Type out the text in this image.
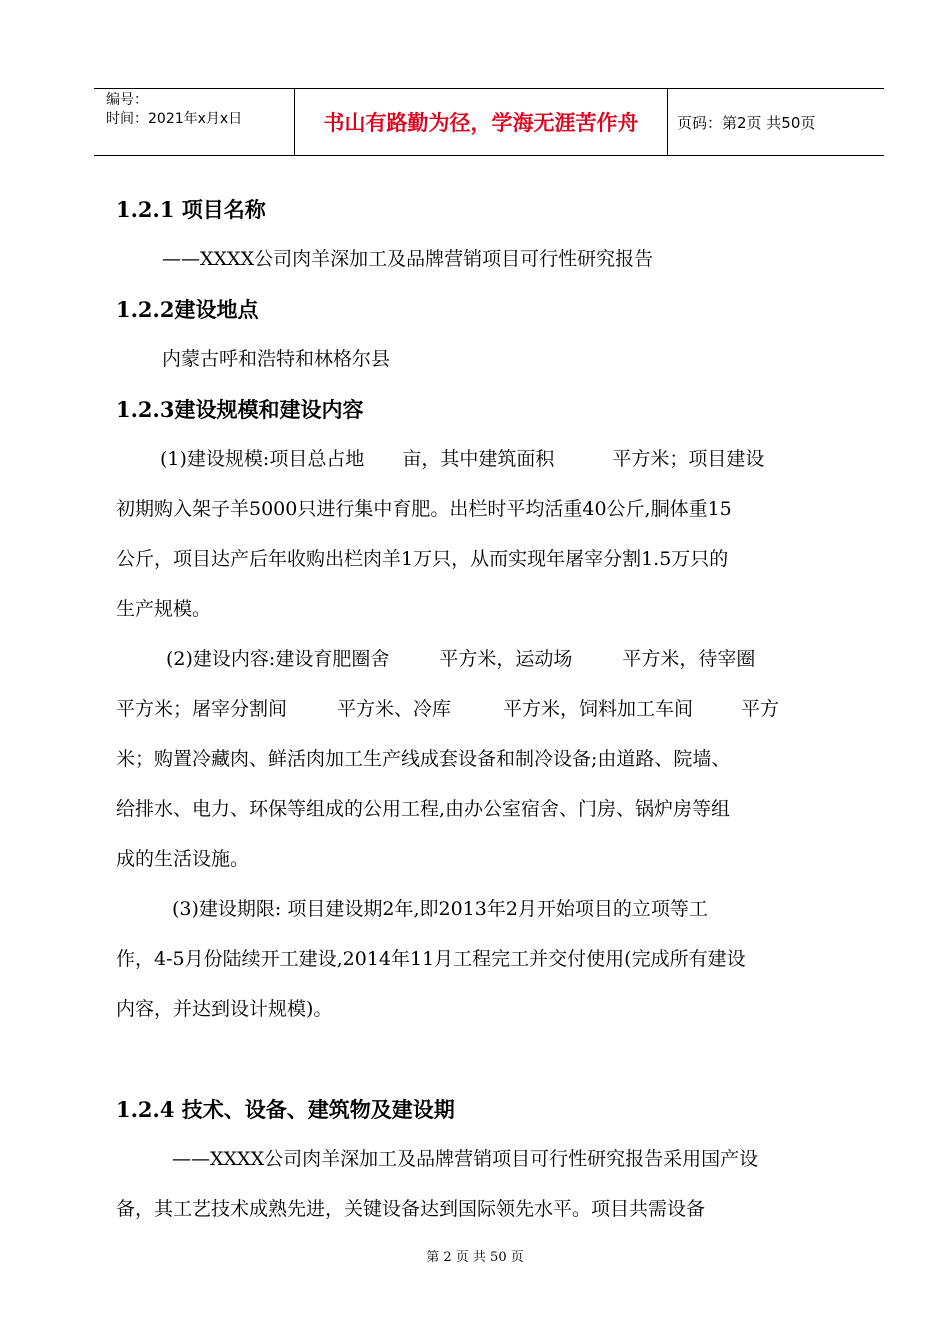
编号：
时间：2021年x月x日	书山有路勤为径，学海无涯苦作舟	页码：第2页 共50页
1.2.1 项目名称
——XXXX公司肉羊深加工及品牌营销项目可行性研究报告
1.2.2建设地点
内蒙古呼和浩特和林格尔县
1.2.3建设规模和建设内容
(1)建设规模:项目总占地 亩，其中建筑面积	平方米；项目建设
初期购入架子羊5000只进行集中育肥。出栏时平均活重40公斤,胴体重15
公斤，项目达产后年收购出栏肉羊1万只，从而实现年屠宰分割1.5万只的
生产规模。
(2)建设内容:建设育肥圈舍	平方米，运动场	平方米，待宰圈
平方米；屠宰分割间	平方米、冷库	平方米，饲料加工车间	平方
米；购置冷藏肉、鲜活肉加工生产线成套设备和制冷设备;由道路、院墙、
给排水、电力、环保等组成的公用工程,由办公室宿舍、门房、锅炉房等组
成的生活设施。
(3)建设期限: 项目建设期2年,即2013年2月开始项目的立项等工
作，4-5月份陆续开工建设,2014年11月工程完工并交付使用(完成所有建设
内容，并达到设计规模)。
1.2.4 技术、设备、建筑物及建设期
——XXXX公司肉羊深加工及品牌营销项目可行性研究报告采用国产设
备，其工艺技术成熟先进，关键设备达到国际领先水平。项目共需设备
第 2 页 共 50 页
